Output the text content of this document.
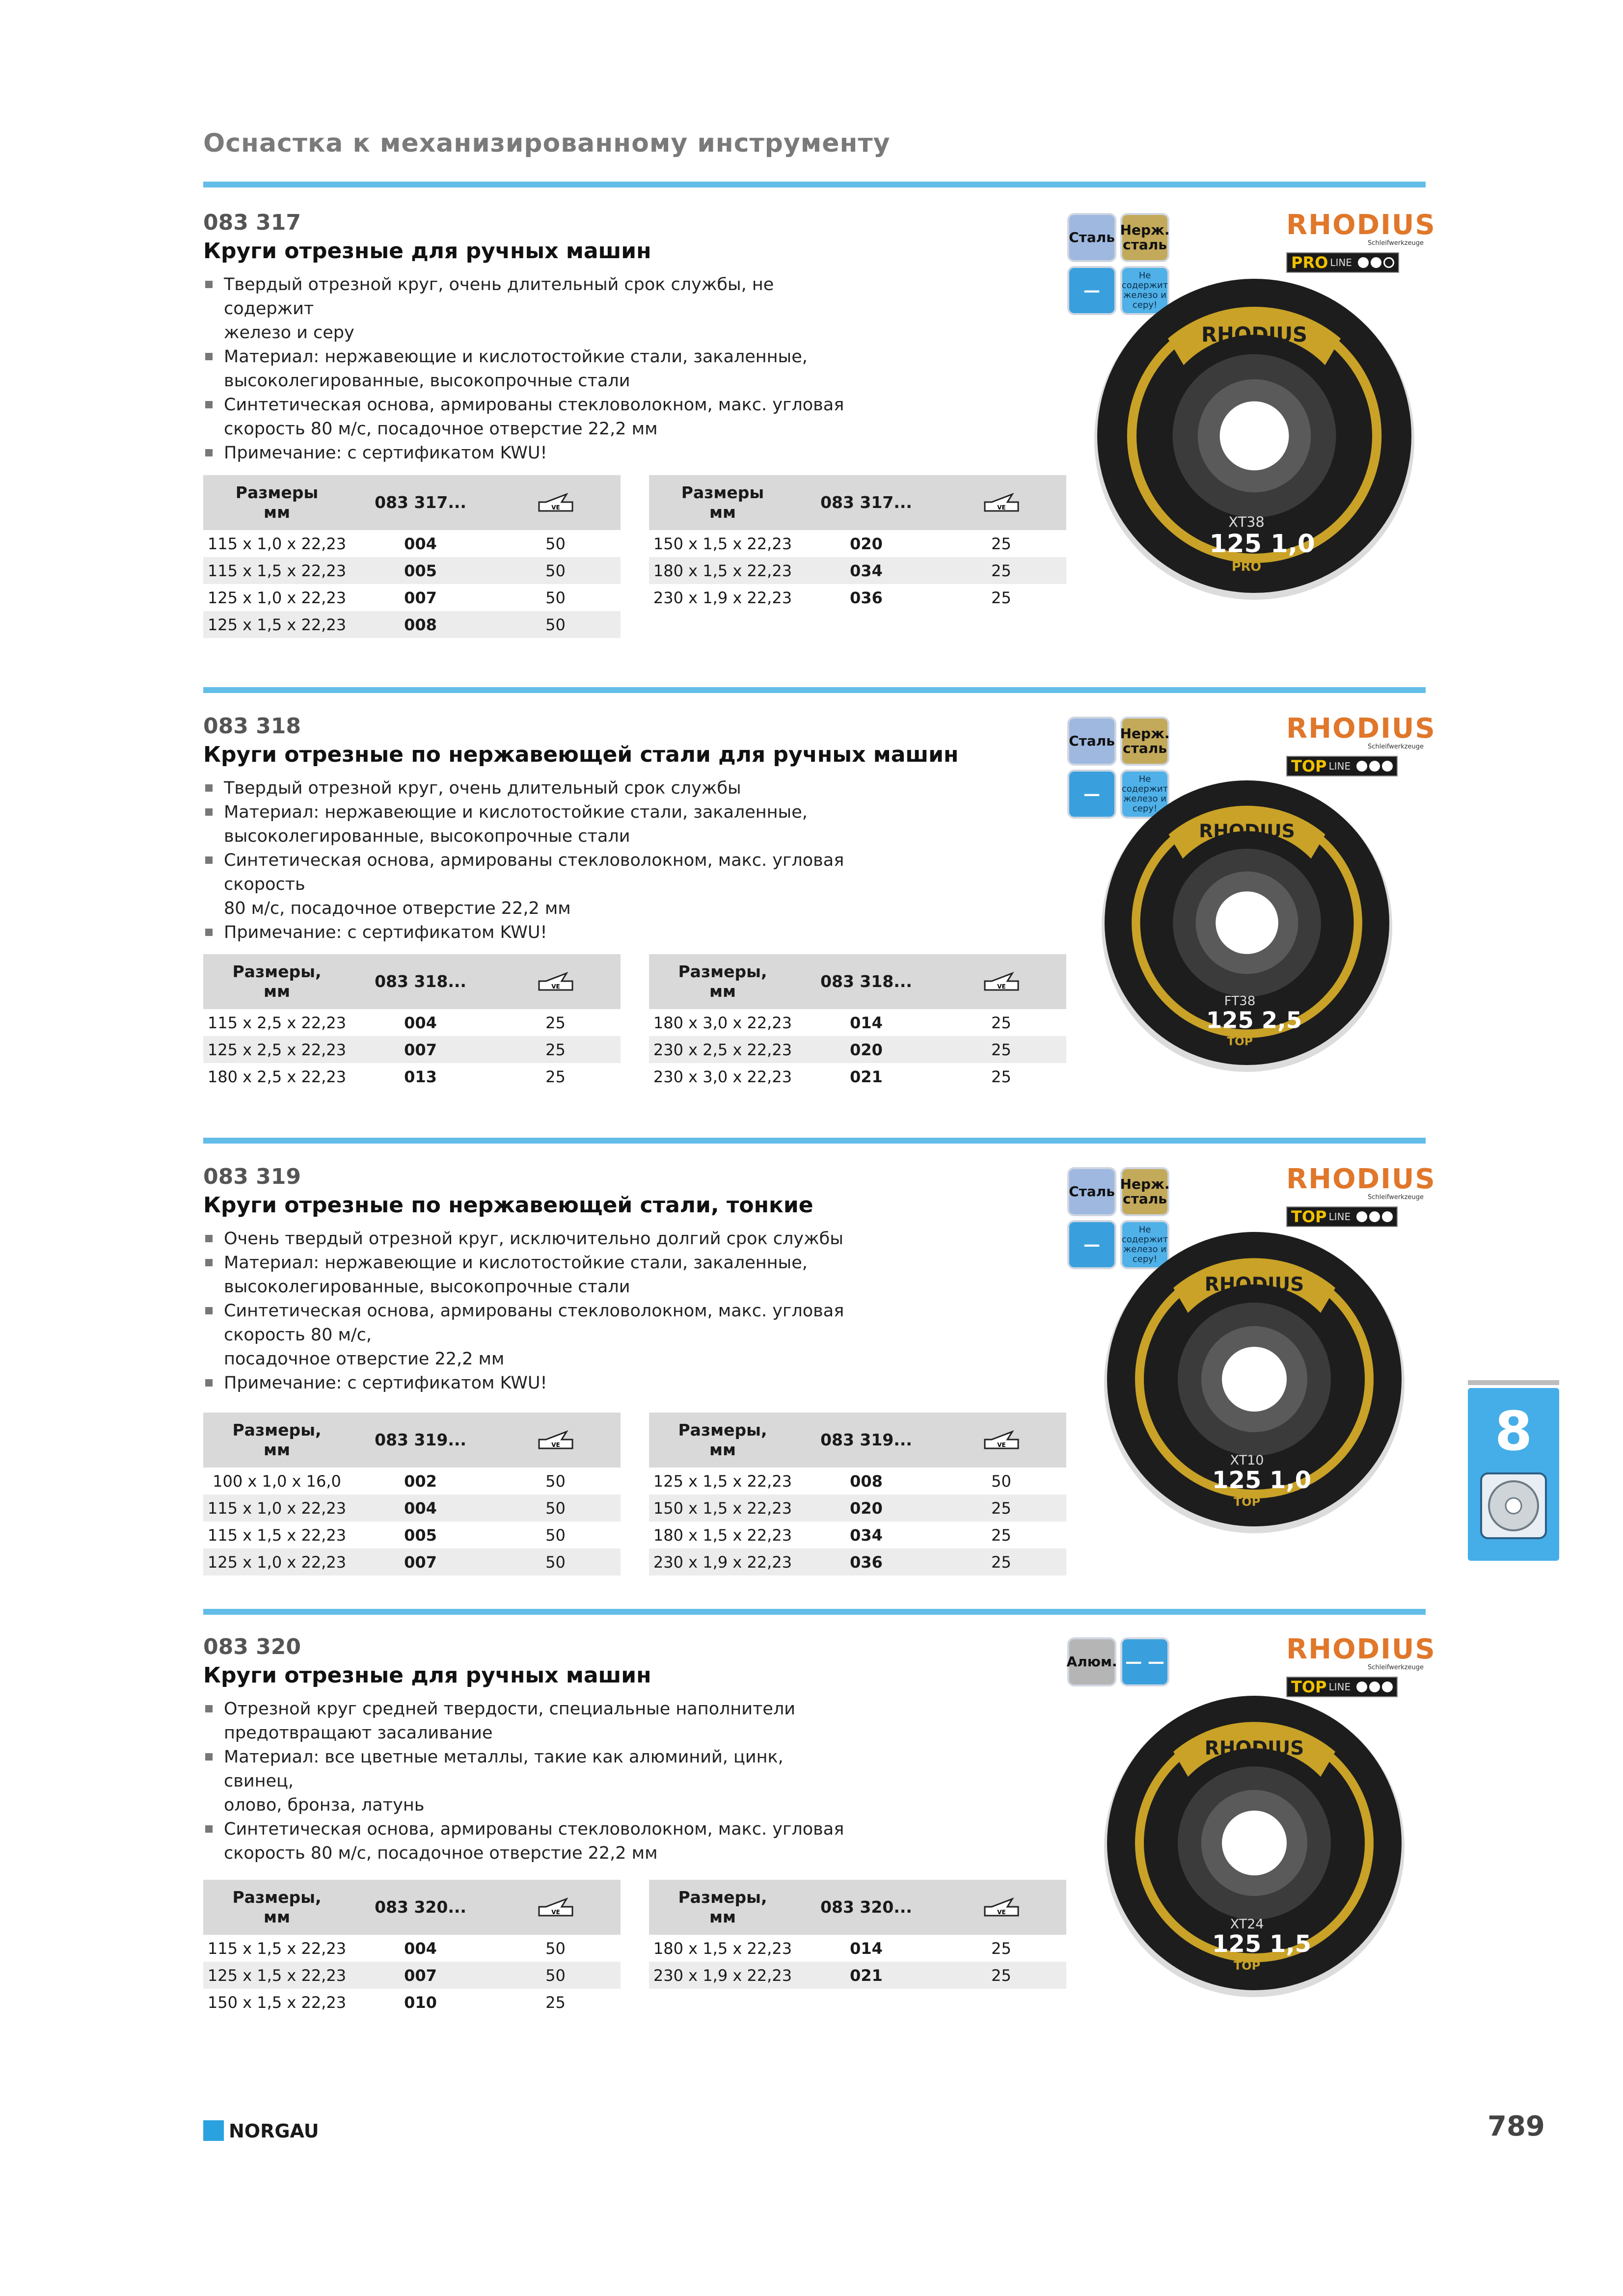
Оснастка к механизированному инструменту
083 317
Круги отрезные для ручных машин
Твердый отрезной круг, очень длительный срок службы, не содержит
железо и серу
Материал: нержавеющие и кислотостойкие стали, закаленные,
высоколегированные, высокопрочные стали
Синтетическая основа, армированы стекловолокном, макс. угловая
скорость 80 м/с, посадочное отверстие 22,2 мм
Примечание: с сертификатом KWU!
Размеры
мм	083 317...	VE

115 x 1,0 x 22,23	004	50
115 x 1,5 x 22,23	005	50
125 x 1,0 x 22,23	007	50
125 x 1,5 x 22,23	008	50
Размеры
мм	083 317...	VE

150 x 1,5 x 22,23	020	25
180 x 1,5 x 22,23	034	25
230 x 1,9 x 22,23	036	25
Сталь Нерж. сталь
—
Не содержит железо и серу!
RHODIUS
Schleifwerkzeuge
PRO LINE
083 318
Круги отрезные по нержавеющей стали для ручных машин
Твердый отрезной круг, очень длительный срок службы
Материал: нержавеющие и кислотостойкие стали, закаленные,
высоколегированные, высокопрочные стали
Синтетическая основа, армированы стекловолокном, макс. угловая скорость
80 м/с, посадочное отверстие 22,2 мм
Примечание: с сертификатом KWU!
Размеры,
мм	083 318...	VE

115 x 2,5 x 22,23	004	25
125 x 2,5 x 22,23	007	25
180 x 2,5 x 22,23	013	25
Размеры,
мм	083 318...	VE

180 x 3,0 x 22,23	014	25
230 x 2,5 x 22,23	020	25
230 x 3,0 x 22,23	021	25
Сталь Нерж. сталь
—
Не содержит железо и серу!
RHODIUS
Schleifwerkzeuge
TOP LINE
083 319
Круги отрезные по нержавеющей стали, тонкие
Очень твердый отрезной круг, исключительно долгий срок службы
Материал: нержавеющие и кислотостойкие стали, закаленные,
высоколегированные, высокопрочные стали
Синтетическая основа, армированы стекловолокном, макс. угловая
скорость 80 м/с,
посадочное отверстие 22,2 мм
Примечание: с сертификатом KWU!
Размеры,
мм	083 319...	VE

100 x 1,0 x 16,0	002	50
115 x 1,0 x 22,23	004	50
115 x 1,5 x 22,23	005	50
125 x 1,0 x 22,23	007	50
Размеры,
мм	083 319...	VE

125 x 1,5 x 22,23	008	50
150 x 1,5 x 22,23	020	25
180 x 1,5 x 22,23	034	25
230 x 1,9 x 22,23	036	25
Сталь Нерж. сталь
—
Не содержит железо и серу!
RHODIUS
Schleifwerkzeuge
TOP LINE
083 320
Круги отрезные для ручных машин
Отрезной круг средней твердости, специальные наполнители
предотвращают засаливание
Материал: все цветные металлы, такие как алюминий, цинк, свинец,
олово, бронза, латунь
Синтетическая основа, армированы стекловолокном, макс. угловая
скорость 80 м/с, посадочное отверстие 22,2 мм
Размеры,
мм	083 320...	VE

115 x 1,5 x 22,23	004	50
125 x 1,5 x 22,23	007	50
150 x 1,5 x 22,23	010	25
Размеры,
мм	083 320...	VE

180 x 1,5 x 22,23	014	25
230 x 1,9 x 22,23	021	25
Алюм. — —	RHODIUS
Schleifwerkzeuge
TOP LINE
RHODIUS
XT38
125 1,0
PRO
RHODIUS
FT38
125 2,5
TOP
RHODIUS
XT10
125 1,0
TOP
RHODIUS
XT24
125 1,5
TOP
8
NORGAU	789
